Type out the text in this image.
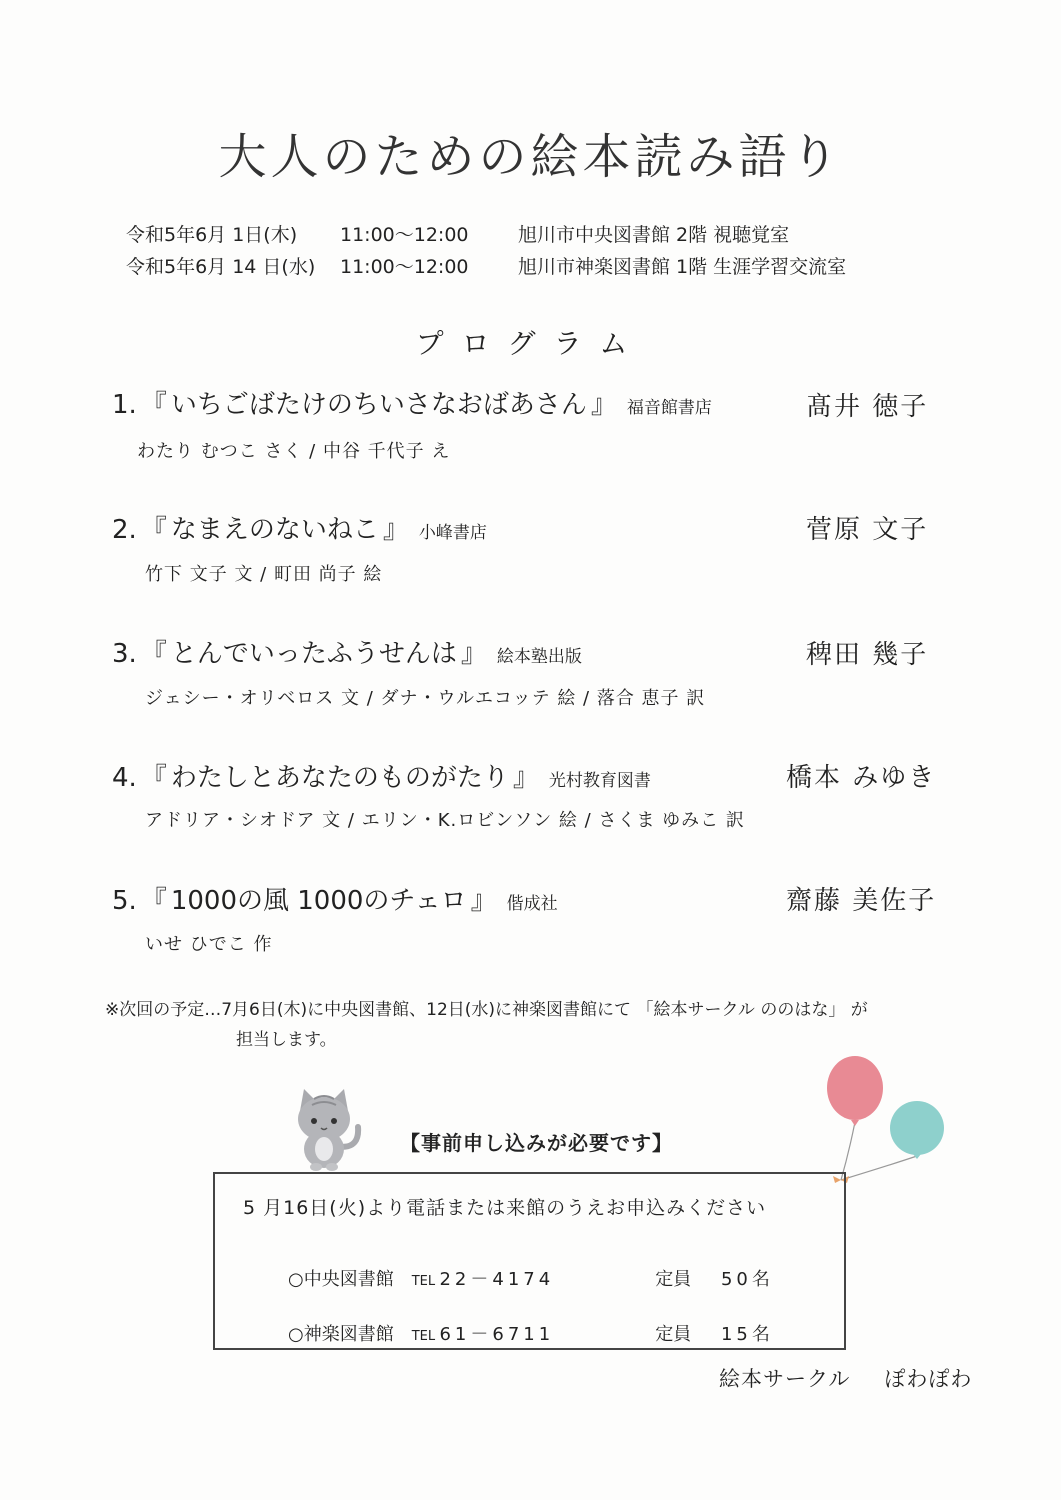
大人のための絵本読み語り
令和5年6月 1日(木) 11:00～12:00	旭川市中央図書館 2階 視聴覚室
令和5年6月 14 日(水) 11:00～12:00	旭川市神楽図書館 1階 生涯学習交流室
プログラム
1. 『 いちごばたけのちいさなおばあさん 』 福音館書店	髙井 徳子
わたり むつこ さく / 中谷 千代子 え
2. 『 なまえのないねこ 』 小峰書店	菅原 文子
竹下 文子 文 / 町田 尚子 絵
3. 『 とんでいったふうせんは 』 絵本塾出版	稗田 幾子
ジェシー・オリベロス 文 / ダナ・ウルエコッテ 絵 / 落合 恵子 訳
4. 『 わたしとあなたのものがたり 』 光村教育図書	橋本 みゆき
アドリア・シオドア 文 / エリン・K.ロビンソン 絵 / さくま ゆみこ 訳
5. 『 1000の風 1000のチェロ 』 偕成社	齋藤 美佐子
いせ ひでこ 作
※次回の予定…7月6日(木)に中央図書館、12日(水)に神楽図書館にて 「絵本サークル ののはな」 が
担当します。
【事前申し込みが必要です】
5 月16日(火)より電話または来館のうえお申込みください
○中央図書館 TEL 22－4174	定員 50名
○神楽図書館 TEL 61－6711	定員 15名
絵本サークル ぽわぽわ
